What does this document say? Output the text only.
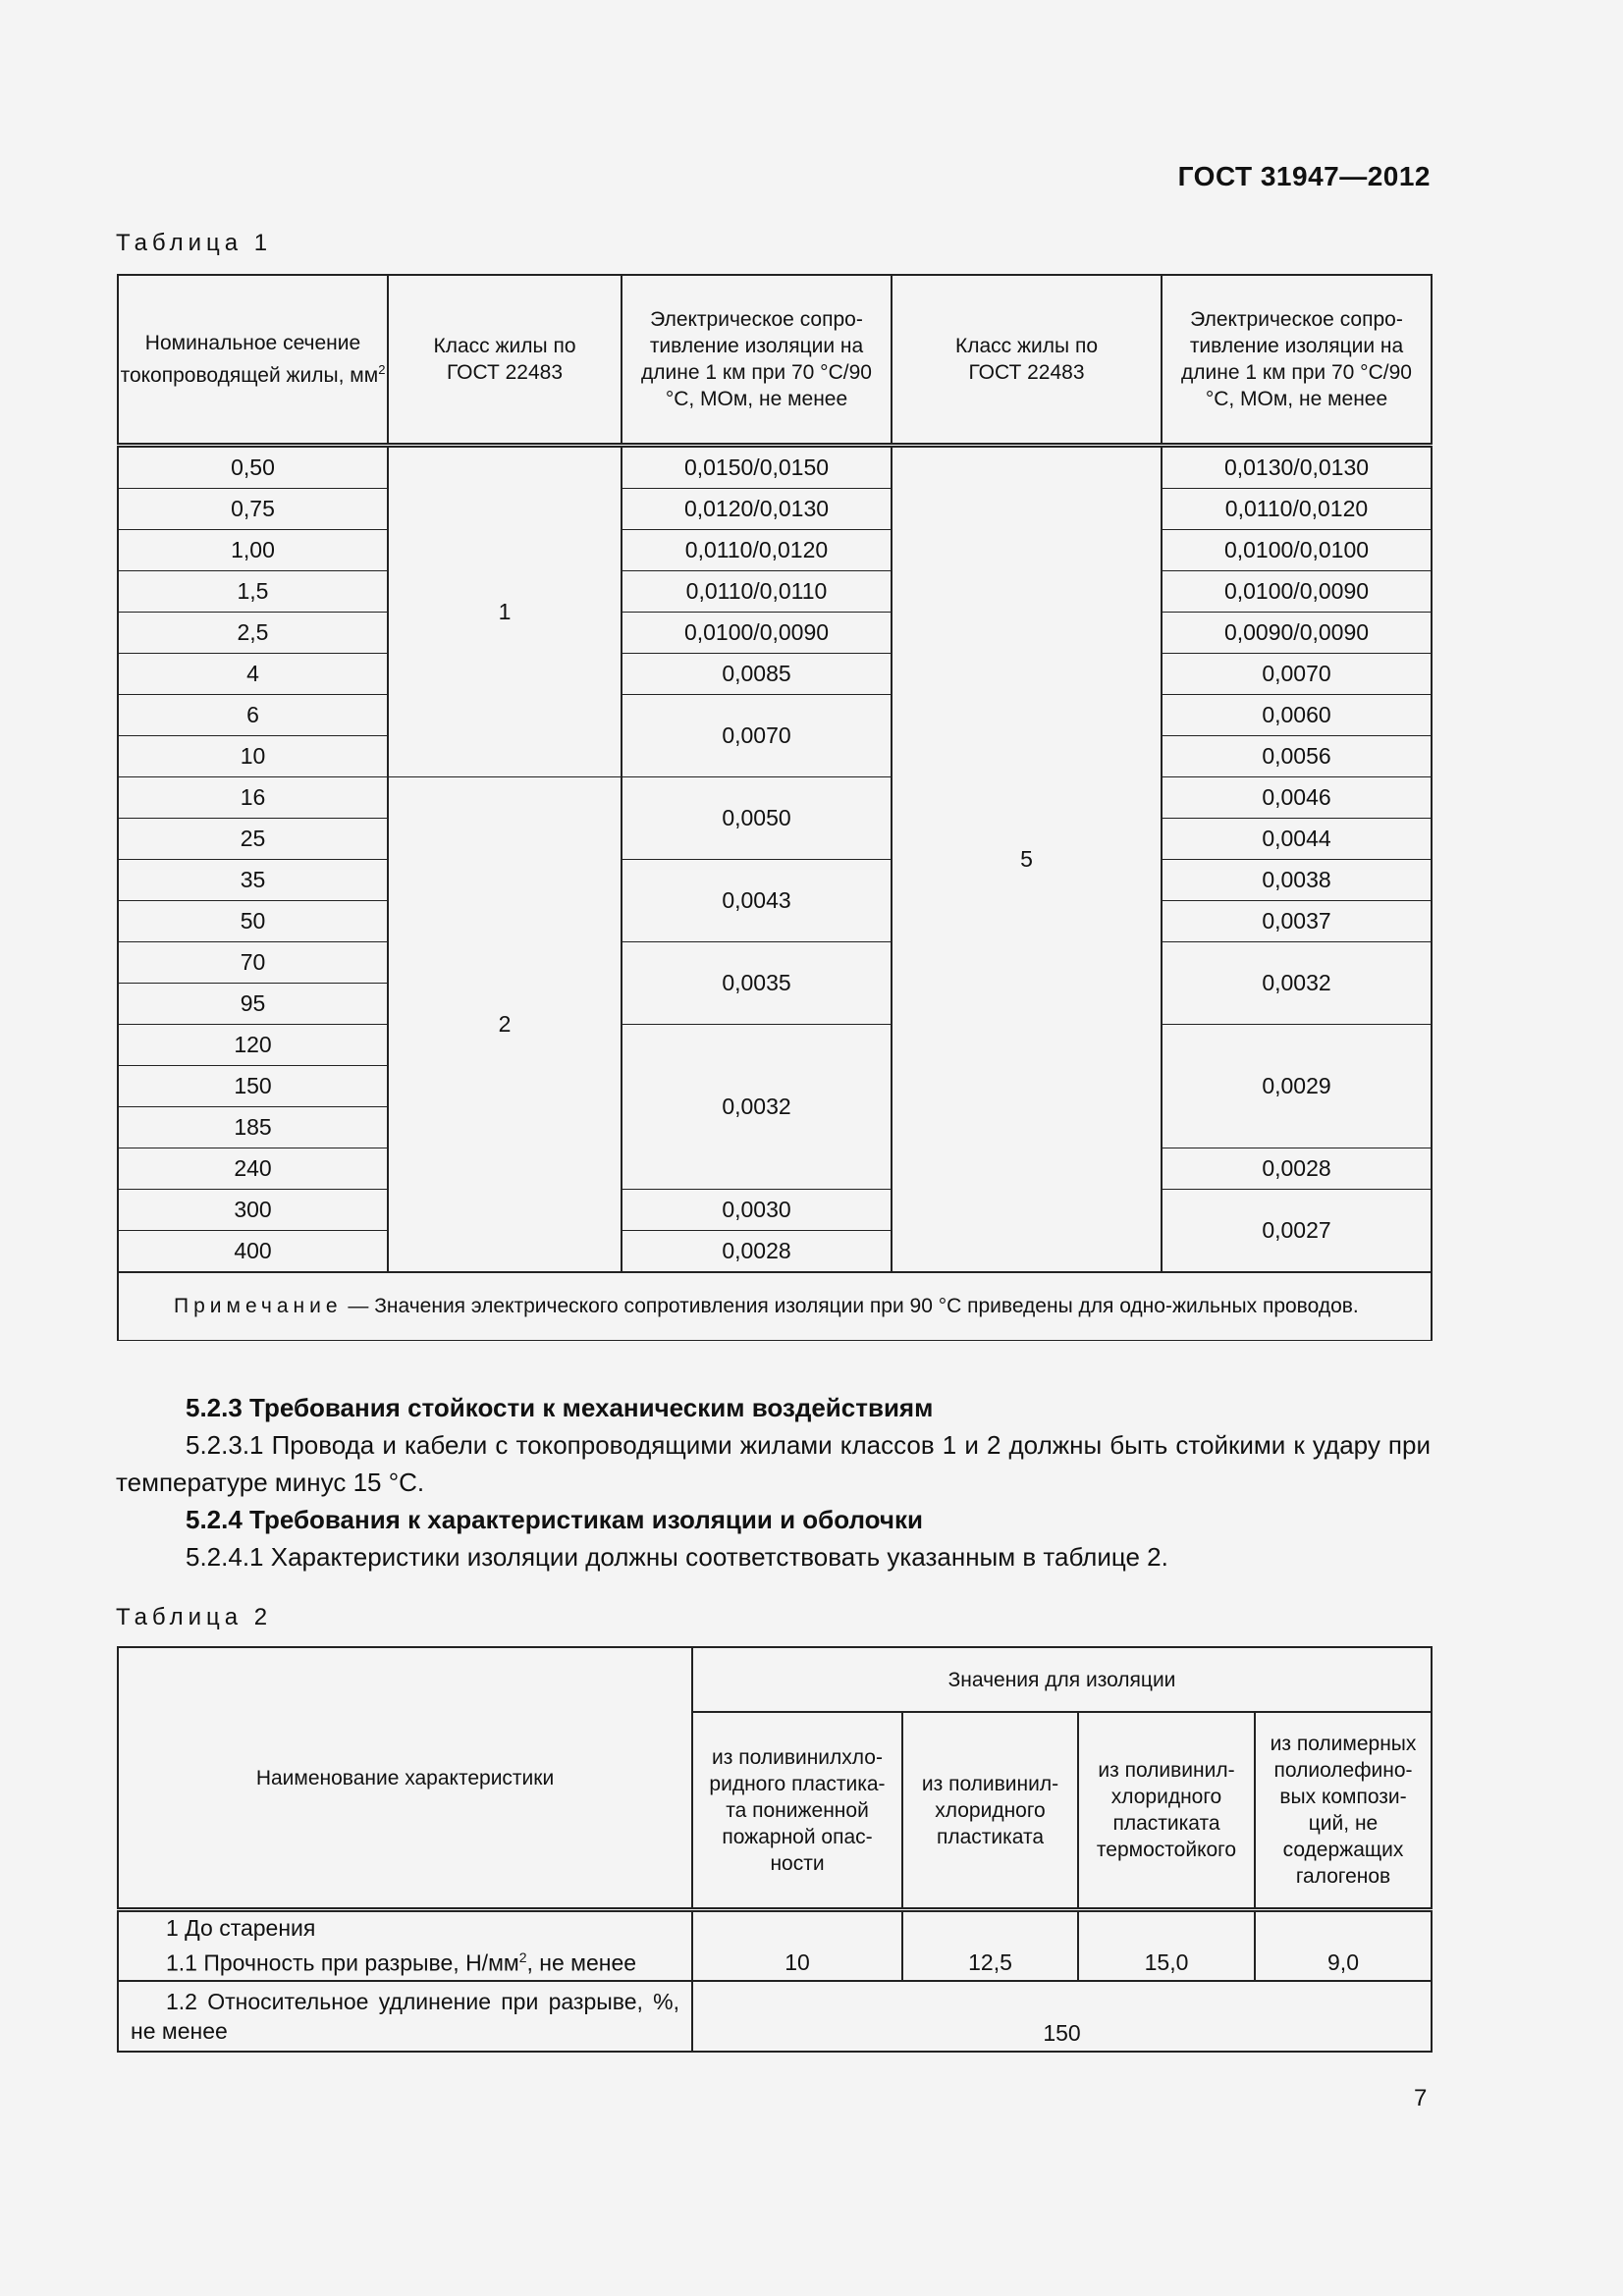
ГОСТ 31947—2012
Таблица 1
Номинальное сечение токопроводящей жилы, $мм^2$	Класс жилы по ГОСТ 22483	Электрическое сопро-тивление изоляции на длине 1 км при 70 °С/90 °С, МОм, не менее	Класс жилы по ГОСТ 22483	Электрическое сопро-тивление изоляции на длине 1 км при 70 °С/90 °С, МОм, не менее
0,50	1	0,0150/0,0150	5	0,0130/0,0130
0,75		0,0120/0,0130		0,0110/0,0120
1,00		0,0110/0,0120		0,0100/0,0100
1,5		0,0110/0,0110		0,0100/0,0090
2,5		0,0100/0,0090		0,0090/0,0090
4		0,0085		0,0070
6		0,0070		0,0060
10				0,0056
16	2	0,0050		0,0046
25				0,0044
35		0,0043		0,0038
50				0,0037
70		0,0035		0,0032
95				
120		0,0032		0,0029
150				
185				
240				0,0028
300		0,0030		0,0027
400		0,0028		

Примечание — Значения электрического сопротивления изоляции при 90 °С приведены для одно-жильных проводов.				
5.2.3 Требования стойкости к механическим воздействиям
5.2.3.1 Провода и кабели с токопроводящими жилами классов 1 и 2 должны быть стойкими к удару при температуре минус 15 °С.
5.2.4 Требования к характеристикам изоляции и оболочки
5.2.4.1 Характеристики изоляции должны соответствовать указанным в таблице 2.
Таблица 2
Наименование характеристики	Значения для изоляции			
	из поливинилхло-ридного пластика-та пониженной пожарной опас-ности	из поливинил-хлоридного пластиката	из поливинил-хлоридного пластиката термостойкого	из полимерных полиолефино-вых компози-ций, не содержащих галогенов

1 До старения
1.1 Прочность при разрыве, $Н/мм^2$, не менее	10	12,5	15,0	9,0
1.2 Относительное удлинение при разрыве, %, не менее	150			
7
